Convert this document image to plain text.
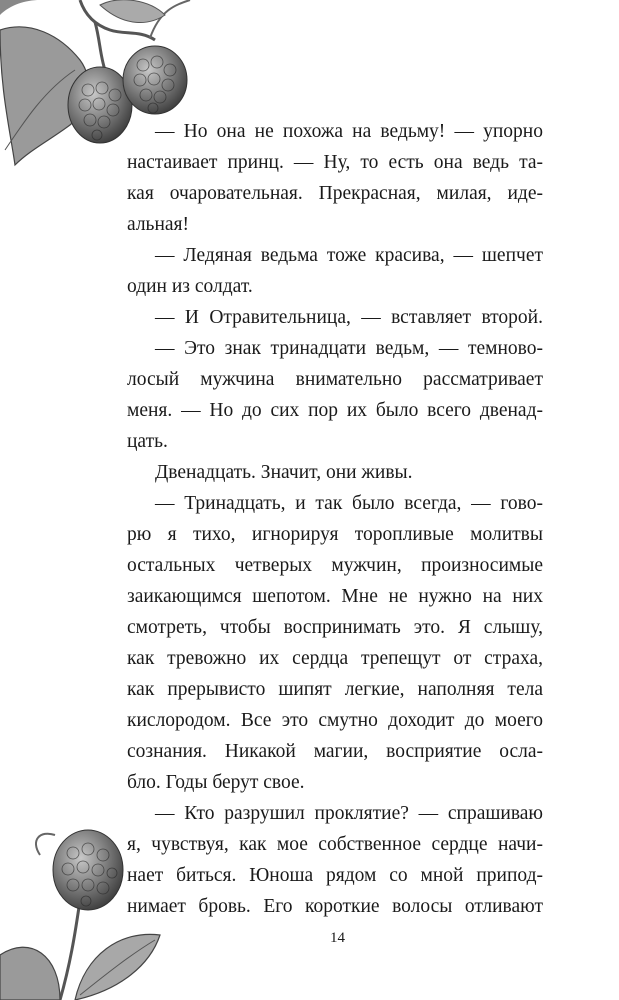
— Но она не похожа на ведьму! — упорно
настаивает принц. — Ну, то есть она ведь та-
кая очаровательная. Прекрасная, милая, иде-
альная!
— Ледяная ведьма тоже красива, — шепчет
один из солдат.
— И Отравительница, — вставляет второй.
— Это знак тринадцати ведьм, — темново-
лосый мужчина внимательно рассматривает
меня. — Но до сих пор их было всего двенад-
цать.
Двенадцать. Значит, они живы.
— Тринадцать, и так было всегда, — гово-
рю я тихо, игнорируя торопливые молитвы
остальных четверых мужчин, произносимые
заикающимся шепотом. Мне не нужно на них
смотреть, чтобы воспринимать это. Я слышу,
как тревожно их сердца трепещут от страха,
как прерывисто шипят легкие, наполняя тела
кислородом. Все это смутно доходит до моего
сознания. Никакой магии, восприятие осла-
бло. Годы берут свое.
— Кто разрушил проклятие? — спрашиваю
я, чувствуя, как мое собственное сердце начи-
нает биться. Юноша рядом со мной припод-
нимает бровь. Его короткие волосы отливают
14
